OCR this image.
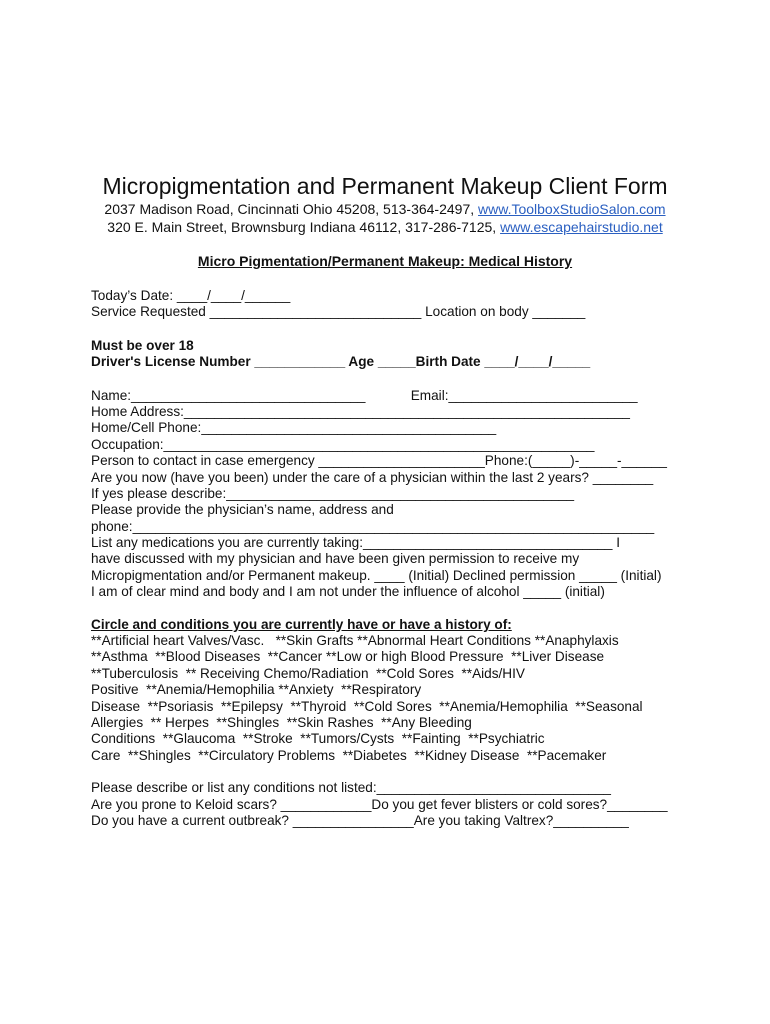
Micropigmentation and Permanent Makeup Client Form
2037 Madison Road, Cincinnati Ohio 45208, 513-364-2497, www.ToolboxStudioSalon.com
320 E. Main Street, Brownsburg Indiana 46112, 317-286-7125, www.escapehairstudio.net
Micro Pigmentation/Permanent Makeup: Medical History
Today’s Date: ____/____/______
Service Requested ____________________________ Location on body _______
Must be over 18
Driver's License Number ____________ Age _____Birth Date ____/____/_____
Name:_______________________________            Email:_________________________
Home Address:___________________________________________________________
Home/Cell Phone:_______________________________________
Occupation:_________________________________________________________
Person to contact in case emergency ______________________Phone:(_____)-_____-______
Are you now (have you been) under the care of a physician within the last 2 years? ________
If yes please describe:______________________________________________
Please provide the physician’s name, address and
phone:_____________________________________________________________________
List any medications you are currently taking:_________________________________ I
have discussed with my physician and have been given permission to receive my
Micropigmentation and/or Permanent makeup. ____ (Initial) Declined permission _____ (Initial)
I am of clear mind and body and I am not under the influence of alcohol _____ (initial)
Circle and conditions you are currently have or have a history of:
**Artificial heart Valves/Vasc.   **Skin Grafts **Abnormal Heart Conditions **Anaphylaxis
**Asthma  **Blood Diseases  **Cancer **Low or high Blood Pressure  **Liver Disease
**Tuberculosis  ** Receiving Chemo/Radiation  **Cold Sores  **Aids/HIV
Positive  **Anemia/Hemophilia **Anxiety  **Respiratory
Disease  **Psoriasis  **Epilepsy  **Thyroid  **Cold Sores  **Anemia/Hemophilia  **Seasonal
Allergies  ** Herpes  **Shingles  **Skin Rashes  **Any Bleeding
Conditions  **Glaucoma  **Stroke  **Tumors/Cysts  **Fainting  **Psychiatric
Care  **Shingles  **Circulatory Problems  **Diabetes  **Kidney Disease  **Pacemaker
Please describe or list any conditions not listed:_______________________________
Are you prone to Keloid scars? ____________Do you get fever blisters or cold sores?________
Do you have a current outbreak? ________________Are you taking Valtrex?__________
